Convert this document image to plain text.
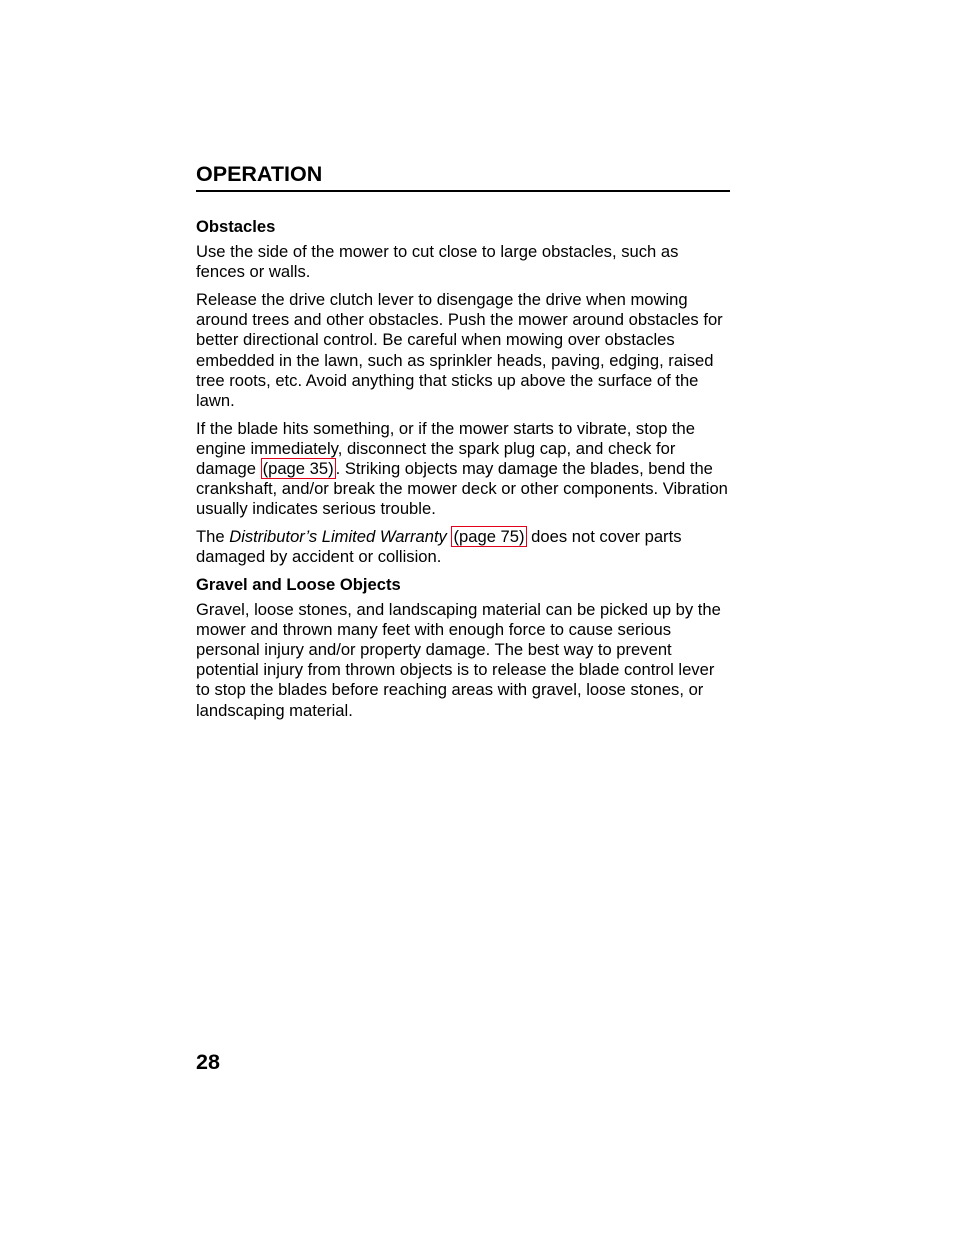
OPERATION
Obstacles

Use the side of the mower to cut close to large obstacles, such as fences or walls.

Release the drive clutch lever to disengage the drive when mowing around trees and other obstacles. Push the mower around obstacles for better directional control. Be careful when mowing over obstacles embedded in the lawn, such as sprinkler heads, paving, edging, raised tree roots, etc. Avoid anything that sticks up above the surface of the lawn.

If the blade hits something, or if the mower starts to vibrate, stop the engine immediately, disconnect the spark plug cap, and check for damage (page 35) . Striking objects may damage the blades, bend the crankshaft, and/or break the mower deck or other components. Vibration usually indicates serious trouble.

The Distributor’s Limited Warranty (page 75) does not cover parts damaged by accident or collision.

Gravel and Loose Objects

Gravel, loose stones, and landscaping material can be picked up by the mower and thrown many feet with enough force to cause serious personal injury and/or property damage. The best way to prevent potential injury from thrown objects is to release the blade control lever to stop the blades before reaching areas with gravel, loose stones, or landscaping material.

28
